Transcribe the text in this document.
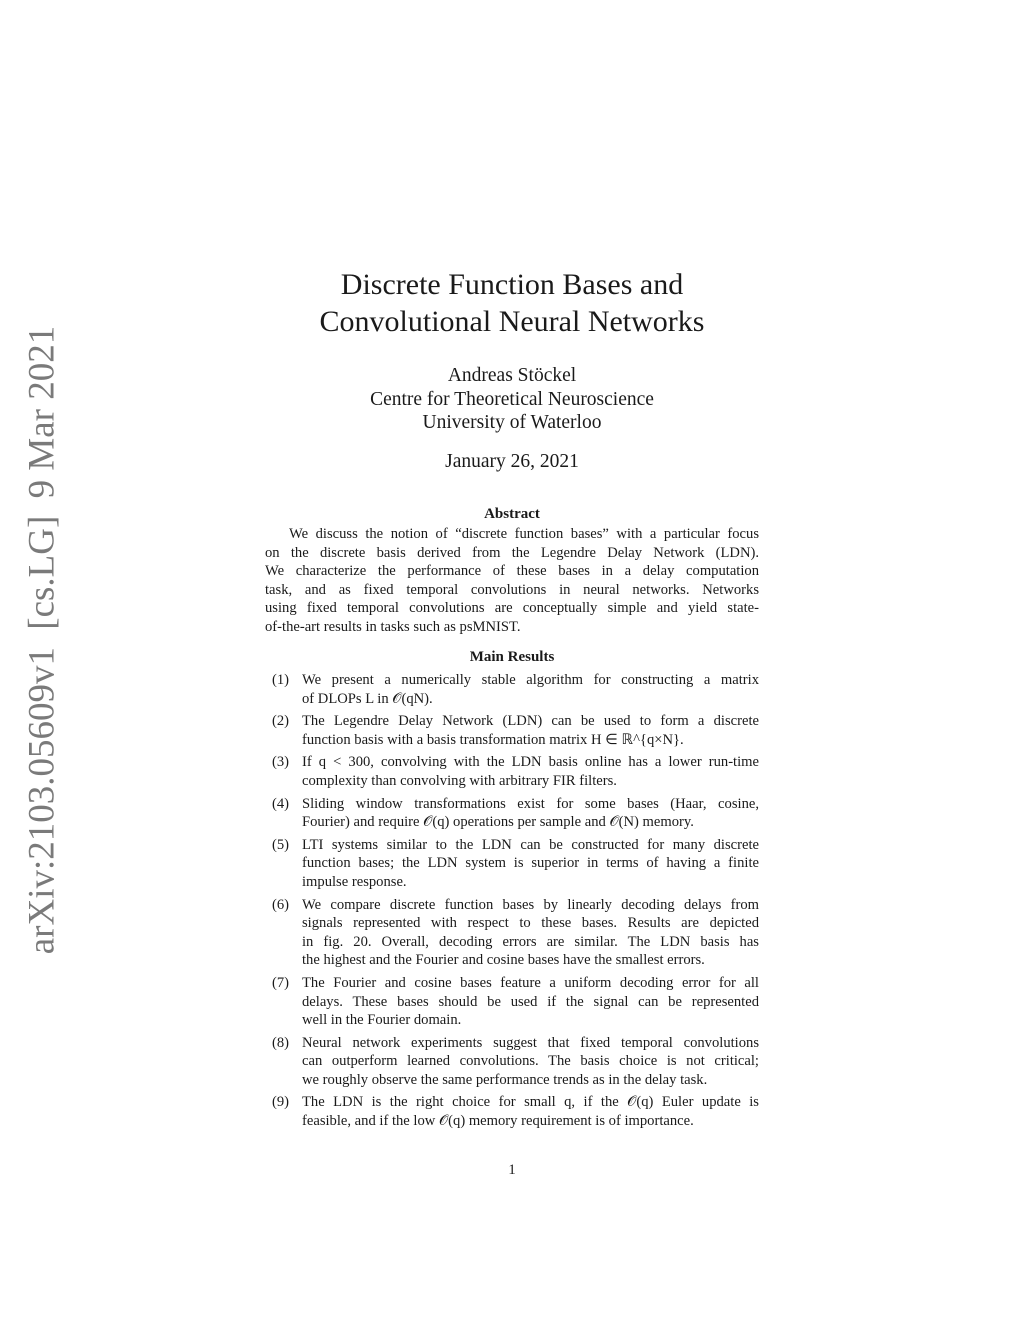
arXiv:2103.05609v1 [cs.LG] 9 Mar 2021
Discrete Function Bases and
Convolutional Neural Networks
Andreas Stöckel
Centre for Theoretical Neuroscience
University of Waterloo
January 26, 2021
Abstract
We discuss the notion of “discrete function bases” with a particular focus
on the discrete basis derived from the Legendre Delay Network (LDN).
We characterize the performance of these bases in a delay computation
task, and as fixed temporal convolutions in neural networks. Networks
using fixed temporal convolutions are conceptually simple and yield state-
of-the-art results in tasks such as psMNIST.
Main Results
(1) We present a numerically stable algorithm for constructing a matrix
of DLOPs L in 𝒪(qN).
(2) The Legendre Delay Network (LDN) can be used to form a discrete
function basis with a basis transformation matrix H ∈ ℝ^{q×N}.
(3) If q < 300, convolving with the LDN basis online has a lower run-time
complexity than convolving with arbitrary FIR filters.
(4) Sliding window transformations exist for some bases (Haar, cosine,
Fourier) and require 𝒪(q) operations per sample and 𝒪(N) memory.
(5) LTI systems similar to the LDN can be constructed for many discrete
function bases; the LDN system is superior in terms of having a finite
impulse response.
(6) We compare discrete function bases by linearly decoding delays from
signals represented with respect to these bases. Results are depicted
in fig. 20. Overall, decoding errors are similar. The LDN basis has
the highest and the Fourier and cosine bases have the smallest errors.
(7) The Fourier and cosine bases feature a uniform decoding error for all
delays. These bases should be used if the signal can be represented
well in the Fourier domain.
(8) Neural network experiments suggest that fixed temporal convolutions
can outperform learned convolutions. The basis choice is not critical;
we roughly observe the same performance trends as in the delay task.
(9) The LDN is the right choice for small q, if the 𝒪(q) Euler update is
feasible, and if the low 𝒪(q) memory requirement is of importance.
1
